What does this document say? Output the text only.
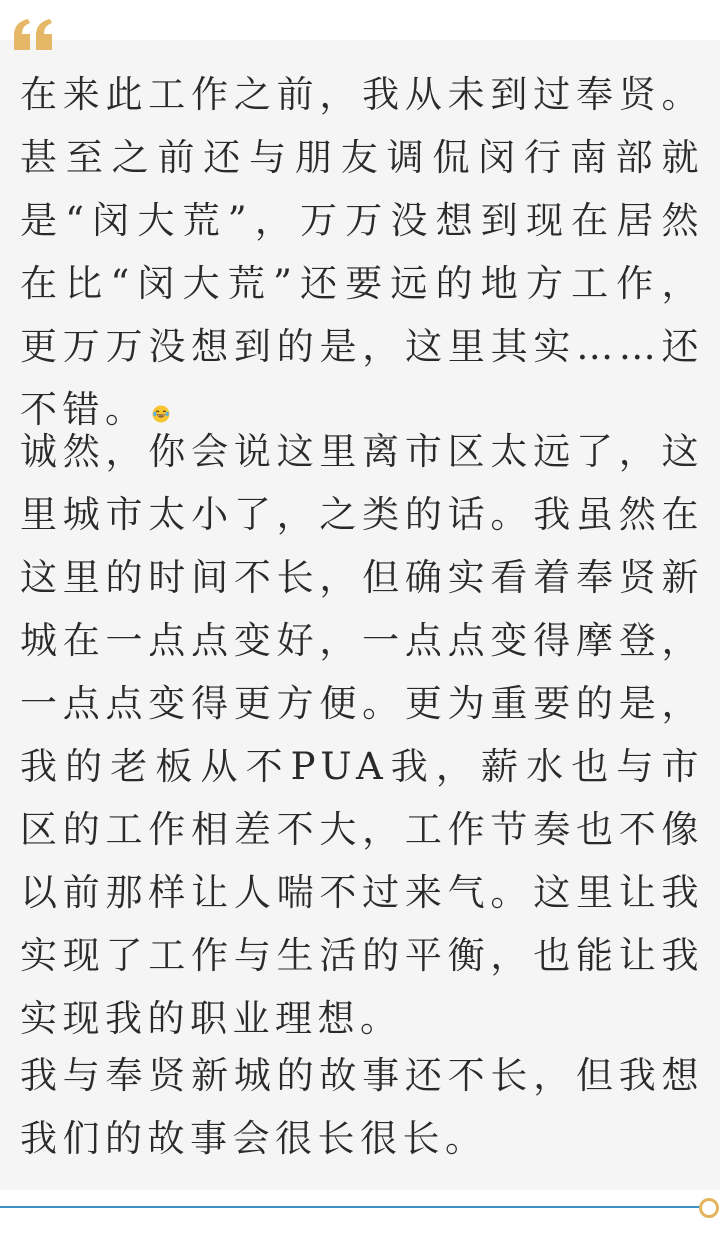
在来此工作之前，我从未到过奉贤。甚至之前还与朋友调侃闵行南部就是“闵大荒”，万万没想到现在居然在比“闵大荒”还要远的地方工作，更万万没想到的是，这里其实……还不错。

诚然，你会说这里离市区太远了，这里城市太小了，之类的话。我虽然在这里的时间不长，但确实看着奉贤新城在一点点变好，一点点变得摩登，一点点变得更方便。更为重要的是，我的老板从不PUA我，薪水也与市区的工作相差不大，工作节奏也不像以前那样让人喘不过来气。这里让我实现了工作与生活的平衡，也能让我实现我的职业理想。

我与奉贤新城的故事还不长，但我想我们的故事会很长很长。
